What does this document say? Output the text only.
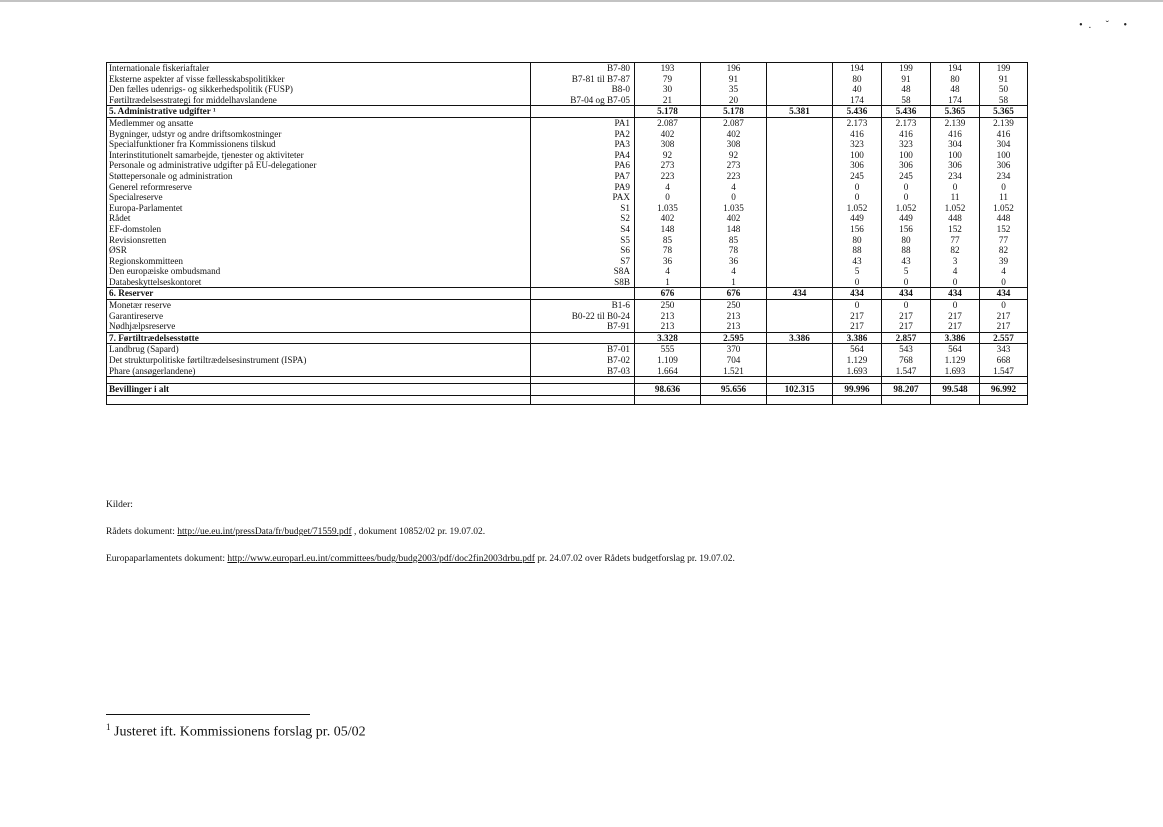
•. ˇ •
Internationale fiskeriaftaler	B7-80	193	196		194	199	194	199
Eksterne aspekter af visse fællesskabspolitikker	B7-81 til B7-87	79	91		80	91	80	91
Den fælles udenrigs- og sikkerhedspolitik (FUSP)	B8-0	30	35		40	48	48	50
Førtiltrædelsesstrategi for middelhavslandene	B7-04 og B7-05	21	20		174	58	174	58
5. Administrative udgifter ¹		5.178	5.178	5.381	5.436	5.436	5.365	5.365
Medlemmer og ansatte	PA1	2.087	2.087		2.173	2.173	2.139	2.139
Bygninger, udstyr og andre driftsomkostninger	PA2	402	402		416	416	416	416
Specialfunktioner fra Kommissionens tilskud	PA3	308	308		323	323	304	304
Interinstitutionelt samarbejde, tjenester og aktiviteter	PA4	92	92		100	100	100	100
Personale og administrative udgifter på EU-delegationer	PA6	273	273		306	306	306	306
Støttepersonale og administration	PA7	223	223		245	245	234	234
Generel reformreserve	PA9	4	4		0	0	0	0
Specialreserve	PAX	0	0		0	0	11	11
Europa-Parlamentet	S1	1.035	1.035		1.052	1.052	1.052	1.052
Rådet	S2	402	402		449	449	448	448
EF-domstolen	S4	148	148		156	156	152	152
Revisionsretten	S5	85	85		80	80	77	77
ØSR	S6	78	78		88	88	82	82
Regionskommitteen	S7	36	36		43	43	3	39
Den europæiske ombudsmand	S8A	4	4		5	5	4	4
Databeskyttelseskontoret	S8B	1	1		0	0	0	0
6. Reserver		676	676	434	434	434	434	434
Monetær reserve	B1-6	250	250		0	0	0	0
Garantireserve	B0-22 til B0-24	213	213		217	217	217	217
Nødhjælpsreserve	B7-91	213	213		217	217	217	217
7. Førtiltrædelsesstøtte		3.328	2.595	3.386	3.386	2.857	3.386	2.557
Landbrug (Sapard)	B7-01	555	370		564	543	564	343
Det strukturpolitiske førtiltrædelsesinstrument (ISPA)	B7-02	1.109	704		1.129	768	1.129	668
Phare (ansøgerlandene)	B7-03	1.664	1.521		1.693	1.547	1.693	1.547

Bevillinger i alt		98.636	95.656	102.315	99.996	98.207	99.548	96.992

Kilder:

Rådets dokument: http://ue.eu.int/pressData/fr/budget/71559.pdf , dokument 10852/02 pr. 19.07.02.

Europaparlamentets dokument: http://www.europarl.eu.int/committees/budg/budg2003/pdf/doc2fin2003drbu.pdf pr. 24.07.02 over Rådets budgetforslag pr. 19.07.02.

$^1$ Justeret ift. Kommissionens forslag pr. 05/02
